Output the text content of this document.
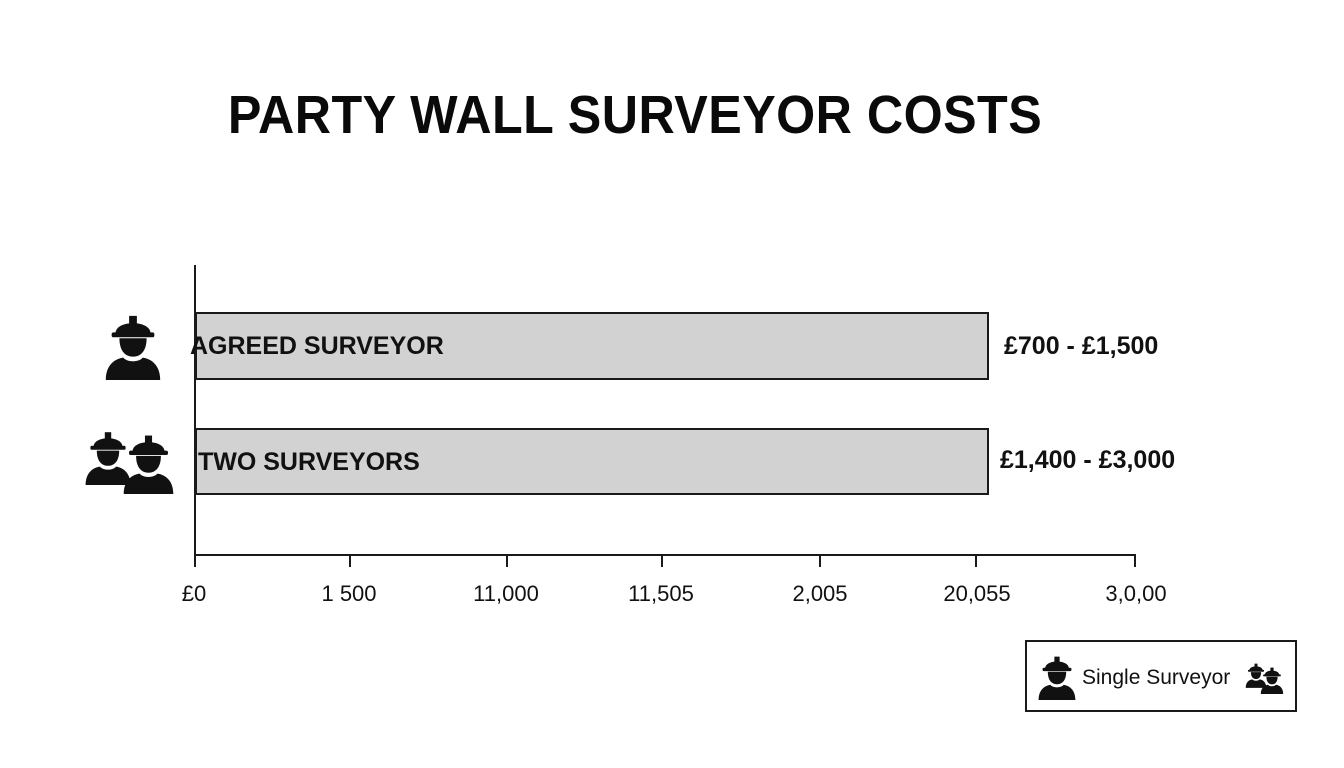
PARTY WALL SURVEYOR COSTS
£0	1 500	11,000	11,505	2,005	20,055	3,0,00
AGREED SURVEYOR	£700 - £1,500
TWO SURVEYORS	£1,400 - £3,000
Single Surveyor
